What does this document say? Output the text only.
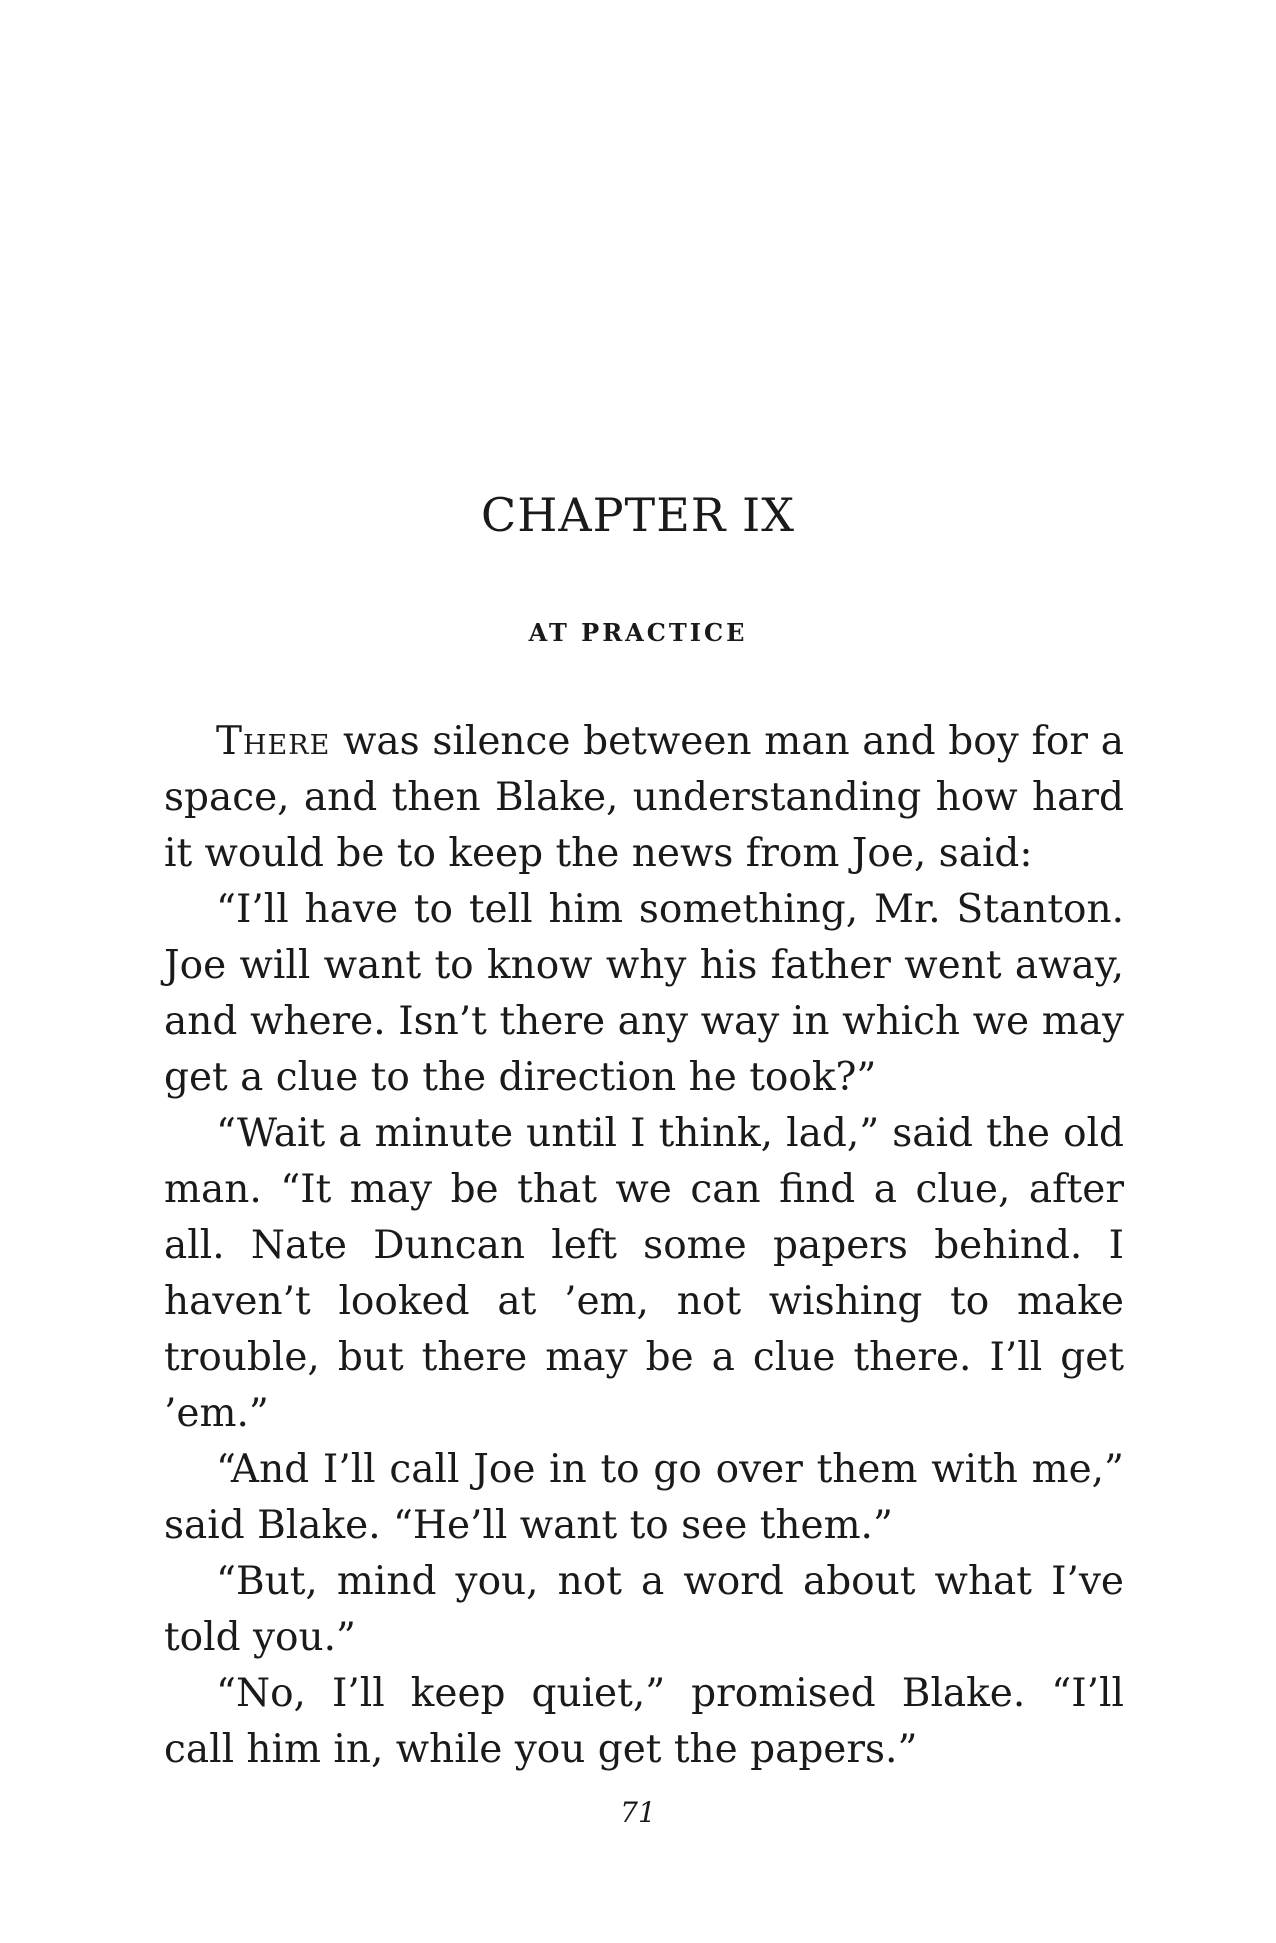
CHAPTER IX
AT PRACTICE

There was silence between man and boy for a space, and then Blake, understanding how hard it would be to keep the news from Joe, said:

“I’ll have to tell him something, Mr. Stanton. Joe will want to know why his father went away, and where. Isn’t there any way in which we may get a clue to the direction he took?”

“Wait a minute until I think, lad,” said the old man. “It may be that we can find a clue, after all. Nate Duncan left some papers behind. I haven’t looked at ’em, not wishing to make trouble, but there may be a clue there. I’ll get ’em.”

“And I’ll call Joe in to go over them with me,” said Blake. “He’ll want to see them.”

“But, mind you, not a word about what I’ve told you.”

“No, I’ll keep quiet,” promised Blake. “I’ll call him in, while you get the papers.”

71
